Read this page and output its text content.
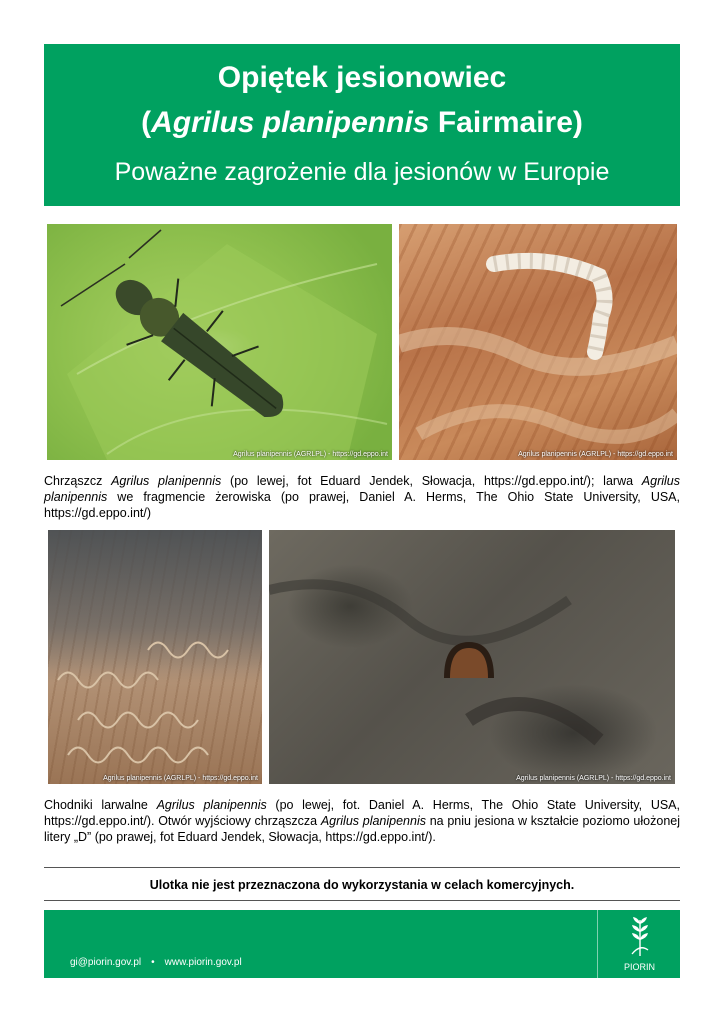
Opiętek jesionowiec
(Agrilus planipennis Fairmaire)
Poważne zagrożenie dla jesionów w Europie
Agrilus planipennis (AGRLPL) - https://gd.eppo.int	Agrilus planipennis (AGRLPL) - https://gd.eppo.int
Chrząszcz Agrilus planipennis (po lewej, fot Eduard Jendek, Słowacja, https://gd.eppo.int/); larwa Agrilus planipennis we fragmencie żerowiska (po prawej, Daniel A. Herms, The Ohio State University, USA, https://gd.eppo.int/)
Agrilus planipennis (AGRLPL) - https://gd.eppo.int	Agrilus planipennis (AGRLPL) - https://gd.eppo.int
Chodniki larwalne Agrilus planipennis (po lewej, fot. Daniel A. Herms, The Ohio State University, USA, https://gd.eppo.int/). Otwór wyjściowy chrząszcza Agrilus planipennis na pniu jesiona w kształcie poziomo ułożonej litery „D” (po prawej, fot Eduard Jendek, Słowacja, https://gd.eppo.int/).
Ulotka nie jest przeznaczona do wykorzystania w celach komercyjnych.
gi@piorin.gov.pl • www.piorin.gov.pl	PIORIN
